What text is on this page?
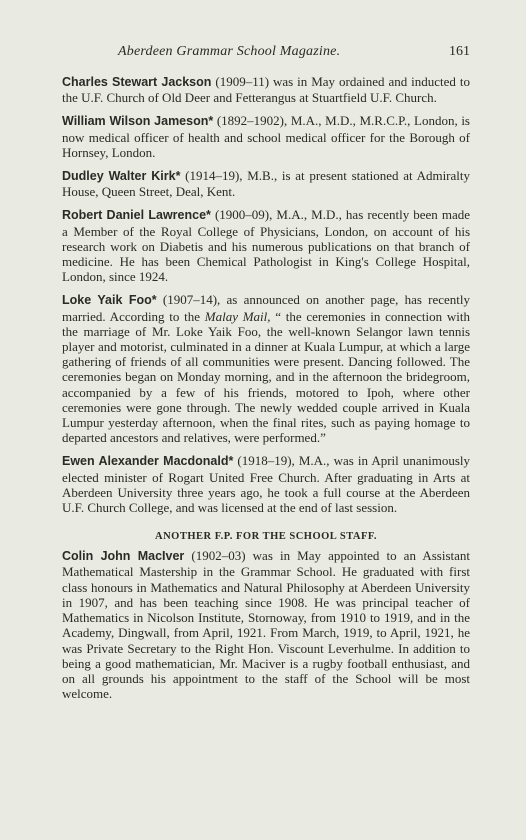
Aberdeen Grammar School Magazine.	161

Charles Stewart Jackson (1909–11) was in May ordained and inducted to the U.F. Church of Old Deer and Fetterangus at Stuartfield U.F. Church.

William Wilson Jameson* (1892–1902), M.A., M.D., M.R.C.P., London, is now medical officer of health and school medical officer for the Borough of Hornsey, London.

Dudley Walter Kirk* (1914–19), M.B., is at present stationed at Admiralty House, Queen Street, Deal, Kent.

Robert Daniel Lawrence* (1900–09), M.A., M.D., has recently been made a Member of the Royal College of Physicians, London, on account of his research work on Diabetis and his numerous publications on that branch of medicine. He has been Chemical Pathologist in King's College Hospital, London, since 1924.

Loke Yaik Foo* (1907–14), as announced on another page, has recently married. According to the Malay Mail, “ the ceremonies in connection with the marriage of Mr. Loke Yaik Foo, the well-known Selangor lawn tennis player and motorist, culminated in a dinner at Kuala Lumpur, at which a large gathering of friends of all communities were present. Dancing followed. The ceremonies began on Monday morning, and in the afternoon the bridegroom, accompanied by a few of his friends, motored to Ipoh, where other ceremonies were gone through. The newly wedded couple arrived in Kuala Lumpur yesterday afternoon, when the final rites, such as paying homage to departed ancestors and relatives, were performed.”

Ewen Alexander Macdonald* (1918–19), M.A., was in April unanimously elected minister of Rogart United Free Church. After graduating in Arts at Aberdeen University three years ago, he took a full course at the Aberdeen U.F. Church College, and was licensed at the end of last session.

ANOTHER F.P. FOR THE SCHOOL STAFF.

Colin John MacIver (1902–03) was in May appointed to an Assistant Mathematical Mastership in the Grammar School. He graduated with first class honours in Mathematics and Natural Philosophy at Aberdeen University in 1907, and has been teaching since 1908. He was principal teacher of Mathematics in Nicolson Institute, Stornoway, from 1910 to 1919, and in the Academy, Dingwall, from April, 1921. From March, 1919, to April, 1921, he was Private Secretary to the Right Hon. Viscount Leverhulme. In addition to being a good mathematician, Mr. Maciver is a rugby football enthusiast, and on all grounds his appointment to the staff of the School will be most welcome.
